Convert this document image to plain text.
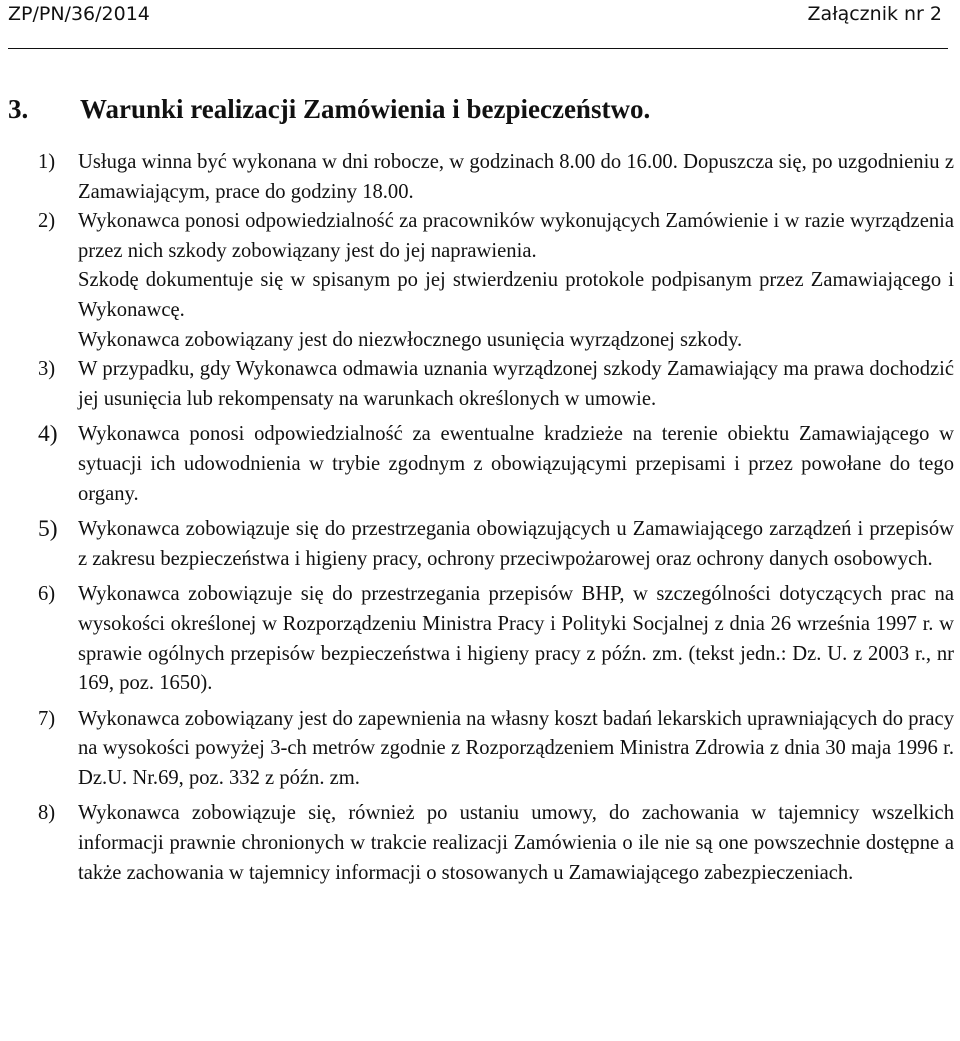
ZP/PN/36/2014	Załącznik nr 2
3. Warunki realizacji Zamówienia i bezpieczeństwo.
1) Usługa winna być wykonana w dni robocze, w godzinach 8.00 do 16.00. Dopuszcza się, po uzgodnieniu z Zamawiającym, prace do godziny 18.00.
2) Wykonawca ponosi odpowiedzialność za pracowników wykonujących Zamówienie i w razie wyrządzenia przez nich szkody zobowiązany jest do jej naprawienia.
Szkodę dokumentuje się w spisanym po jej stwierdzeniu protokole podpisanym przez Zamawiającego i Wykonawcę.
Wykonawca zobowiązany jest do niezwłocznego usunięcia wyrządzonej szkody.
3) W przypadku, gdy Wykonawca odmawia uznania wyrządzonej szkody Zamawiający ma prawa dochodzić jej usunięcia lub rekompensaty na warunkach określonych w umowie.
4) Wykonawca ponosi odpowiedzialność za ewentualne kradzieże na terenie obiektu Zamawiającego w sytuacji ich udowodnienia w trybie zgodnym z obowiązującymi przepisami i przez powołane do tego organy.
5) Wykonawca zobowiązuje się do przestrzegania obowiązujących u Zamawiającego zarządzeń i przepisów z zakresu bezpieczeństwa i higieny pracy, ochrony przeciwpożarowej oraz ochrony danych osobowych.
6) Wykonawca zobowiązuje się do przestrzegania przepisów BHP, w szczególności dotyczących prac na wysokości określonej w Rozporządzeniu Ministra Pracy i Polityki Socjalnej z dnia 26 września 1997 r. w sprawie ogólnych przepisów bezpieczeństwa i higieny pracy z późn. zm. (tekst jedn.: Dz. U. z 2003 r., nr 169, poz. 1650).
7) Wykonawca zobowiązany jest do zapewnienia na własny koszt badań lekarskich uprawniających do pracy na wysokości powyżej 3-ch metrów zgodnie z Rozporządzeniem Ministra Zdrowia z dnia 30 maja 1996 r. Dz.U. Nr.69, poz. 332 z późn. zm.
8) Wykonawca zobowiązuje się, również po ustaniu umowy, do zachowania w tajemnicy wszelkich informacji prawnie chronionych w trakcie realizacji Zamówienia o ile nie są one powszechnie dostępne a także zachowania w tajemnicy informacji o stosowanych u Zamawiającego zabezpieczeniach.
